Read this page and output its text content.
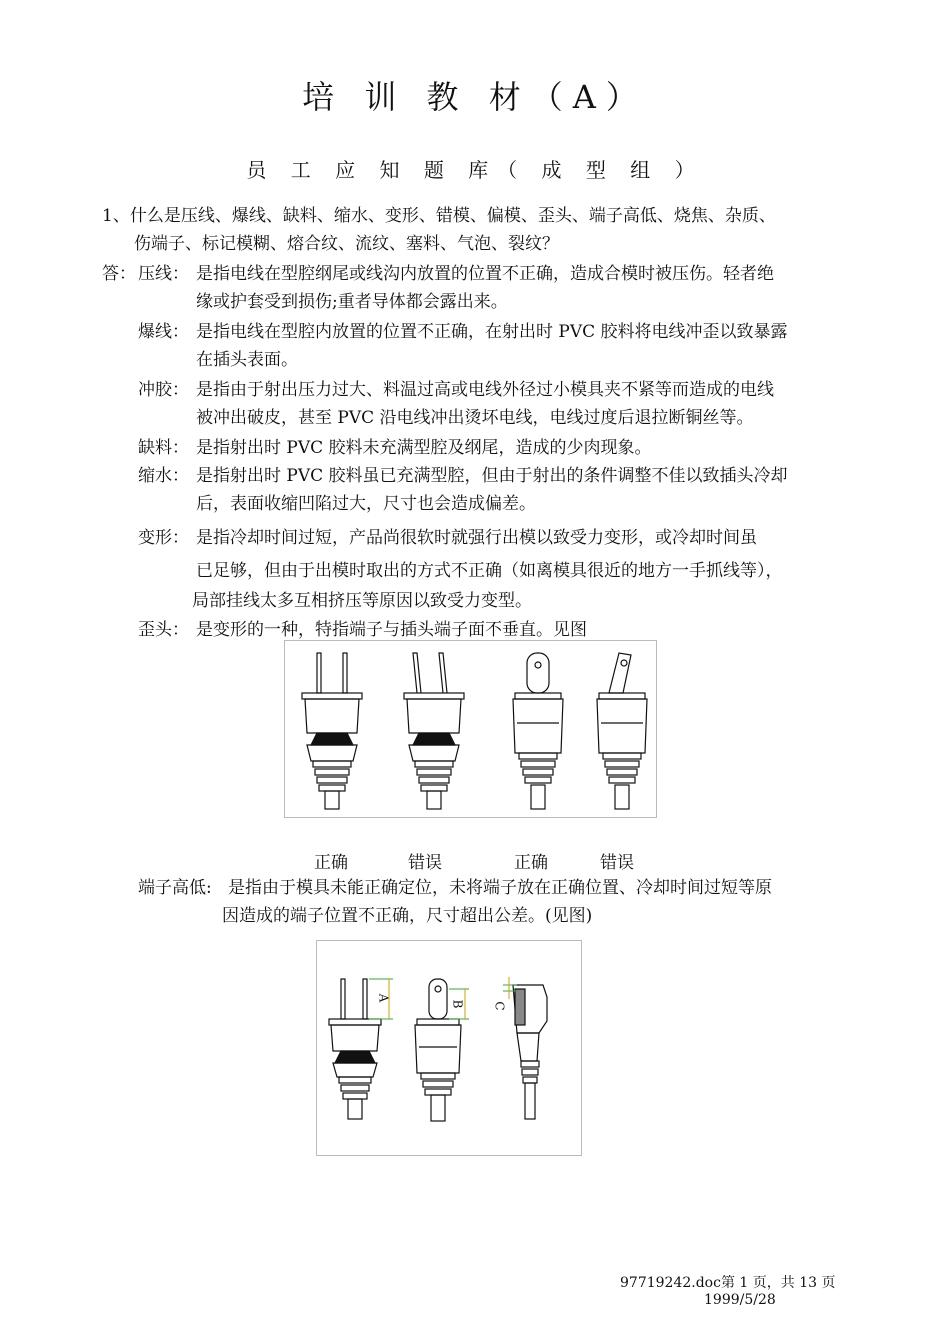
培 训 教 材（A）
员 工 应 知 题 库（ 成 型 组 ）
1、什么是压线、爆线、缺料、缩水、变形、错模、偏模、歪头、端子高低、烧焦、杂质、
伤端子、标记模糊、熔合纹、流纹、塞料、气泡、裂纹？
答： 压线： 是指电线在型腔纲尾或线沟内放置的位置不正确，造成合模时被压伤。轻者绝
缘或护套受到损伤;重者导体都会露出来。
爆线： 是指电线在型腔内放置的位置不正确，在射出时 PVC 胶料将电线冲歪以致暴露
在插头表面。
冲胶： 是指由于射出压力过大、料温过高或电线外径过小模具夹不紧等而造成的电线
被冲出破皮，甚至 PVC 沿电线冲出烫坏电线，电线过度后退拉断铜丝等。
缺料： 是指射出时 PVC 胶料未充满型腔及纲尾，造成的少肉现象。
缩水： 是指射出时 PVC 胶料虽已充满型腔，但由于射出的条件调整不佳以致插头冷却
后，表面收缩凹陷过大，尺寸也会造成偏差。
变形： 是指冷却时间过短，产品尚很软时就强行出模以致受力变形，或冷却时间虽
已足够，但由于出模时取出的方式不正确（如离模具很近的地方一手抓线等），
局部挂线太多互相挤压等原因以致受力变型。
歪头： 是变形的一种，特指端子与插头端子面不垂直。见图
正确	错误	正确	错误
端子高低: 是指由于模具未能正确定位，未将端子放在正确位置、冷却时间过短等原
因造成的端子位置不正确，尺寸超出公差。(见图)
A
B C
97719242.doc第 1 页，共 13 页
1999/5/28
